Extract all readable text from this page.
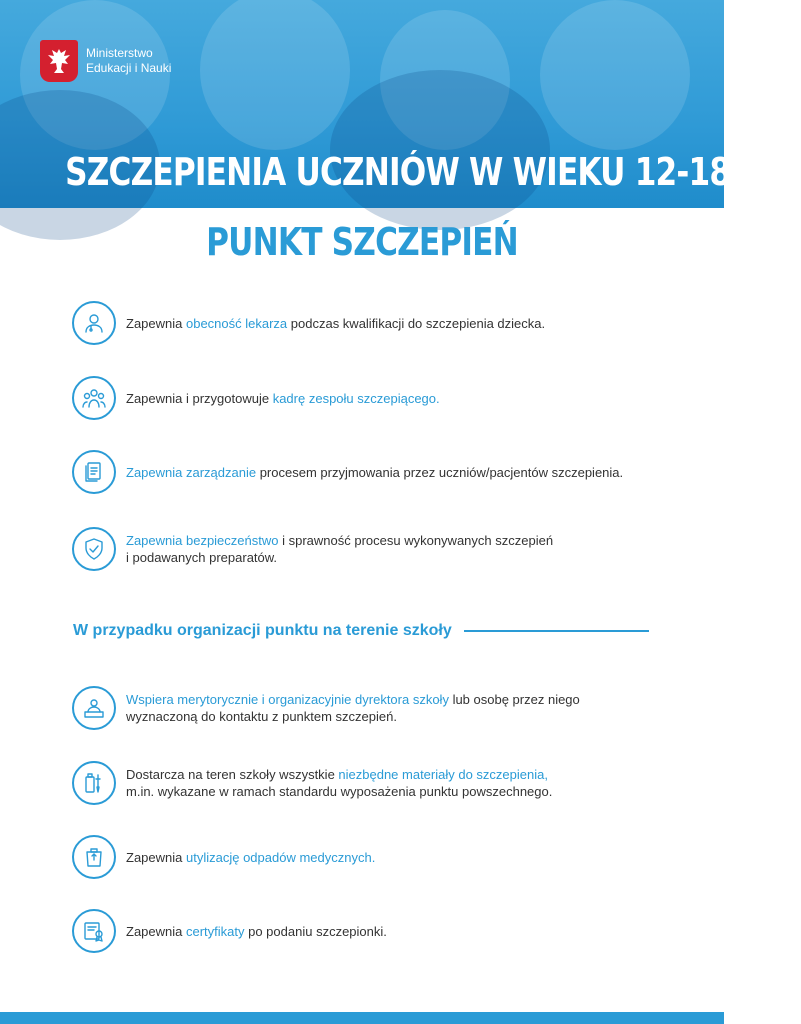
Ministerstwo
Edukacji i Nauki
SZCZEPIENIA UCZNIÓW W WIEKU 12-18 LAT
PUNKT SZCZEPIEŃ
W przypadku organizacji punktu na terenie szkoły
Zapewnia obecność lekarza podczas kwalifikacji do szczepienia dziecka.
Zapewnia i przygotowuje kadrę zespołu szczepiącego.
Zapewnia zarządzanie procesem przyjmowania przez uczniów/pacjentów szczepienia.
Zapewnia bezpieczeństwo i sprawność procesu wykonywanych szczepień
i podawanych preparatów.
Wspiera merytorycznie i organizacyjnie dyrektora szkoły lub osobę przez niego
wyznaczoną do kontaktu z punktem szczepień.
Dostarcza na teren szkoły wszystkie niezbędne materiały do szczepienia,
m.in. wykazane w ramach standardu wyposażenia punktu powszechnego.
Zapewnia utylizację odpadów medycznych.
Zapewnia certyfikaty po podaniu szczepionki.
